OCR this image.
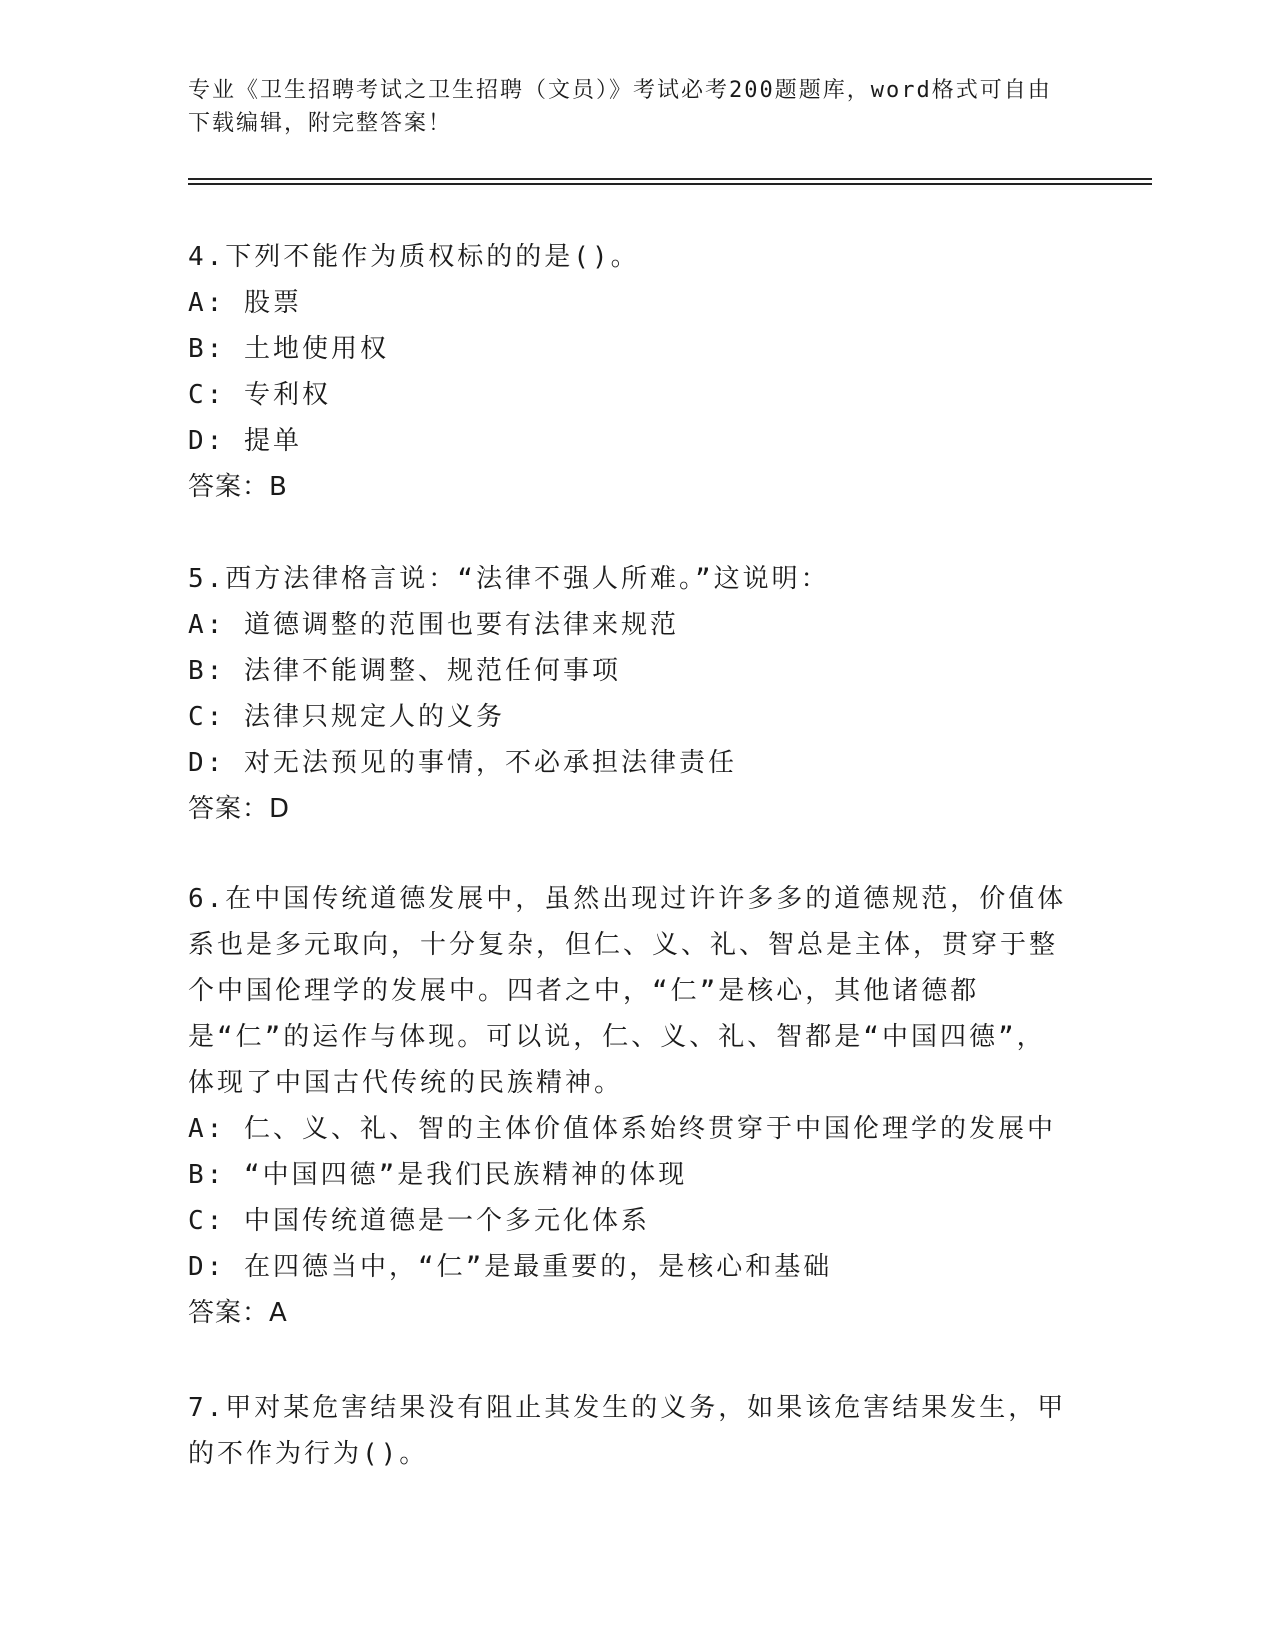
专业《卫生招聘考试之卫生招聘（文员）》考试必考200题题库，word格式可自由下载编辑，附完整答案！
4.下列不能作为质权标的的是()。
A: 股票
B: 土地使用权
C: 专利权
D: 提单
答案：B
5.西方法律格言说：“法律不强人所难。”这说明：
A: 道德调整的范围也要有法律来规范
B: 法律不能调整、规范任何事项
C: 法律只规定人的义务
D: 对无法预见的事情，不必承担法律责任
答案：D
6.在中国传统道德发展中，虽然出现过许许多多的道德规范，价值体系也是多元取向，十分复杂，但仁、义、礼、智总是主体，贯穿于整个中国伦理学的发展中。四者之中，“仁”是核心，其他诸德都是“仁”的运作与体现。可以说，仁、义、礼、智都是“中国四德”，体现了中国古代传统的民族精神。
A: 仁、义、礼、智的主体价值体系始终贯穿于中国伦理学的发展中
B: “中国四德”是我们民族精神的体现
C: 中国传统道德是一个多元化体系
D: 在四德当中，“仁”是最重要的，是核心和基础
答案：A
7.甲对某危害结果没有阻止其发生的义务，如果该危害结果发生，甲的不作为行为()。
